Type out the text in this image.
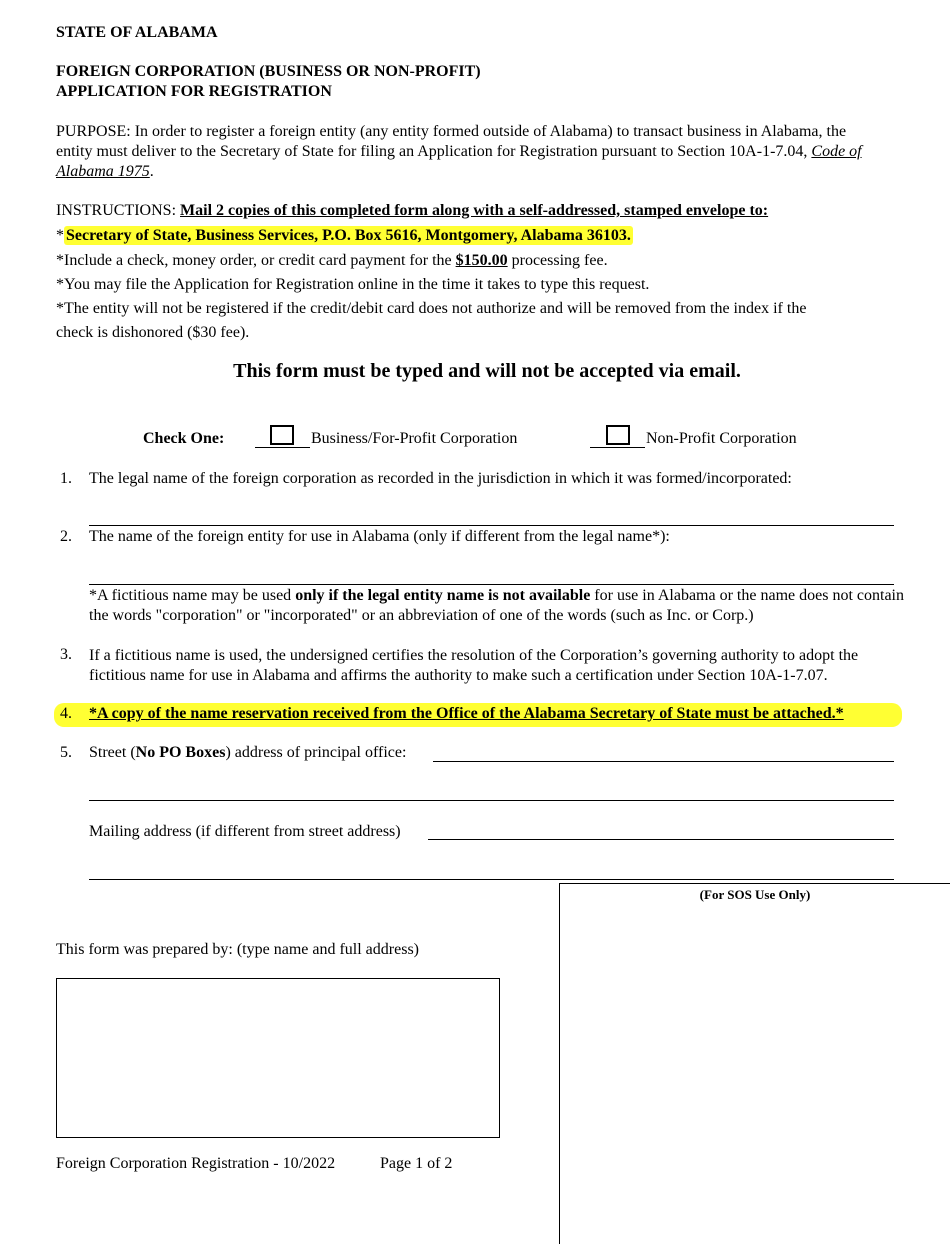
STATE OF ALABAMA
FOREIGN CORPORATION (BUSINESS OR NON-PROFIT)
APPLICATION FOR REGISTRATION
PURPOSE: In order to register a foreign entity (any entity formed outside of Alabama) to transact business in Alabama, the entity must deliver to the Secretary of State for filing an Application for Registration pursuant to Section 10A-1-7.04, Code of Alabama 1975.
INSTRUCTIONS: Mail 2 copies of this completed form along with a self-addressed, stamped envelope to:
* Secretary of State, Business Services, P.O. Box 5616, Montgomery, Alabama 36103.
*Include a check, money order, or credit card payment for the $150.00 processing fee.
*You may file the Application for Registration online in the time it takes to type this request.
*The entity will not be registered if the credit/debit card does not authorize and will be removed from the index if the
check is dishonored ($30 fee).
This form must be typed and will not be accepted via email.
Check One:	Business/For-Profit Corporation	Non-Profit Corporation
1. The legal name of the foreign corporation as recorded in the jurisdiction in which it was formed/incorporated:
2. The name of the foreign entity for use in Alabama (only if different from the legal name*):
*A fictitious name may be used only if the legal entity name is not available for use in Alabama or the name does not contain the words "corporation" or "incorporated" or an abbreviation of one of the words (such as Inc. or Corp.)
3. If a fictitious name is used, the undersigned certifies the resolution of the Corporation’s governing authority to adopt the fictitious name for use in Alabama and affirms the authority to make such a certification under Section 10A-1-7.07.
4. *A copy of the name reservation received from the Office of the Alabama Secretary of State must be attached.*
5. Street (No PO Boxes) address of principal office:
Mailing address (if different from street address)
(For SOS Use Only)
This form was prepared by: (type name and full address)
Foreign Corporation Registration - 10/2022	Page 1 of 2
